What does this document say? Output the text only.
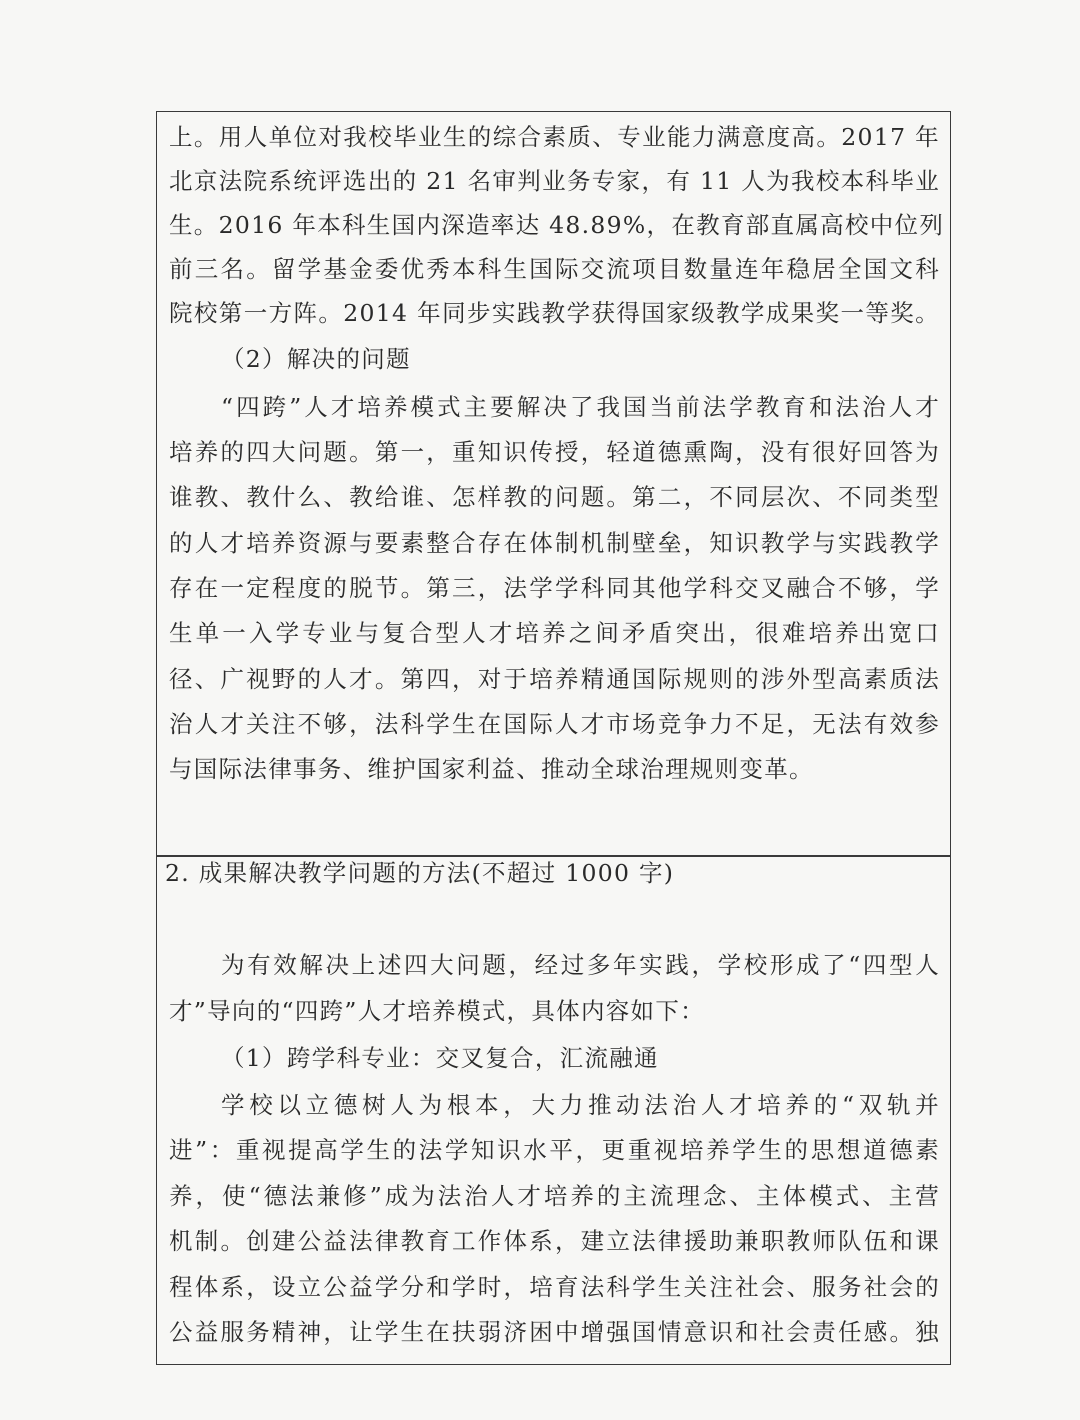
上。用人单位对我校毕业生的综合素质、专业能力满意度高。2017 年
北京法院系统评选出的 21 名审判业务专家，有 11 人为我校本科毕业
生。2016 年本科生国内深造率达 48.89%，在教育部直属高校中位列
前三名。留学基金委优秀本科生国际交流项目数量连年稳居全国文科
院校第一方阵。2014 年同步实践教学获得国家级教学成果奖一等奖。
（2）解决的问题
“四跨”人才培养模式主要解决了我国当前法学教育和法治人才
培养的四大问题。第一，重知识传授，轻道德熏陶，没有很好回答为
谁教、教什么、教给谁、怎样教的问题。第二，不同层次、不同类型
的人才培养资源与要素整合存在体制机制壁垒，知识教学与实践教学
存在一定程度的脱节。第三，法学学科同其他学科交叉融合不够，学
生单一入学专业与复合型人才培养之间矛盾突出，很难培养出宽口
径、广视野的人才。第四，对于培养精通国际规则的涉外型高素质法
治人才关注不够，法科学生在国际人才市场竞争力不足，无法有效参
与国际法律事务、维护国家利益、推动全球治理规则变革。
2. 成果解决教学问题的方法(不超过 1000 字)
为有效解决上述四大问题，经过多年实践，学校形成了“四型人
才”导向的“四跨”人才培养模式，具体内容如下：
（1）跨学科专业：交叉复合，汇流融通
学校以立德树人为根本，大力推动法治人才培养的“双轨并
进”：重视提高学生的法学知识水平，更重视培养学生的思想道德素
养，使“德法兼修”成为法治人才培养的主流理念、主体模式、主营
机制。创建公益法律教育工作体系，建立法律援助兼职教师队伍和课
程体系，设立公益学分和学时，培育法科学生关注社会、服务社会的
公益服务精神，让学生在扶弱济困中增强国情意识和社会责任感。独
